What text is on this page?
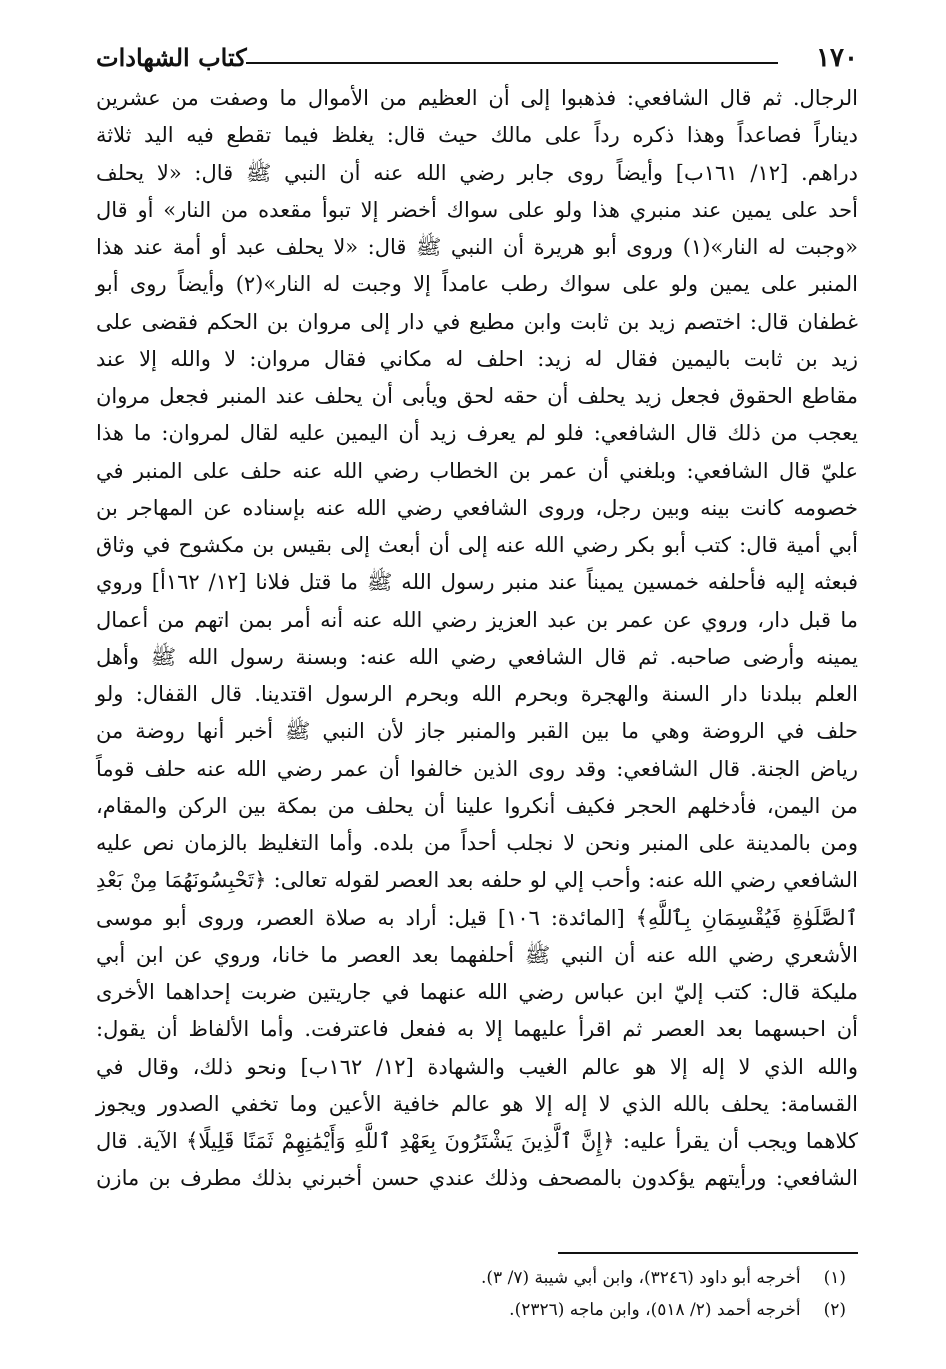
١٧٠
كتاب الشهادات
الرجال. ثم قال الشافعي: فذهبوا إلى أن العظيم من الأموال ما وصفت من عشرين
ديناراً فصاعداً وهذا ذكره رداً على مالك حيث قال: يغلظ فيما تقطع فيه اليد ثلاثة
دراهم. [١٢/ ١٦١ب] وأيضاً روى جابر رضي الله عنه أن النبي ﷺ قال: «لا يحلف
أحد على يمين عند منبري هذا ولو على سواك أخضر إلا تبوأ مقعده من النار» أو قال
«وجبت له النار»(١) وروى أبو هريرة أن النبي ﷺ قال: «لا يحلف عبد أو أمة عند هذا
المنبر على يمين ولو على سواك رطب عامداً إلا وجبت له النار»(٢) وأيضاً روى أبو
غطفان قال: اختصم زيد بن ثابت وابن مطيع في دار إلى مروان بن الحكم فقضى على
زيد بن ثابت باليمين فقال له زيد: احلف له مكاني فقال مروان: لا والله إلا عند
مقاطع الحقوق فجعل زيد يحلف أن حقه لحق ويأبى أن يحلف عند المنبر فجعل مروان
يعجب من ذلك قال الشافعي: فلو لم يعرف زيد أن اليمين عليه لقال لمروان: ما هذا
عليّ قال الشافعي: وبلغني أن عمر بن الخطاب رضي الله عنه حلف على المنبر في
خصومه كانت بينه وبين رجل، وروى الشافعي رضي الله عنه بإسناده عن المهاجر بن
أبي أمية قال: كتب أبو بكر رضي الله عنه إلى أن أبعث إلى بقيس بن مكشوح في وثاق
فبعثه إليه فأحلفه خمسين يميناً عند منبر رسول الله ﷺ ما قتل فلانا [١٢/ ١٦٢أ] وروي
ما قبل دار، وروي عن عمر بن عبد العزيز رضي الله عنه أنه أمر بمن اتهم من أعمال
يمينه وأرضى صاحبه. ثم قال الشافعي رضي الله عنه: وبسنة رسول الله ﷺ وأهل
العلم ببلدنا دار السنة والهجرة وبحرم الله وبحرم الرسول اقتدينا. قال القفال: ولو
حلف في الروضة وهي ما بين القبر والمنبر جاز لأن النبي ﷺ أخبر أنها روضة من
رياض الجنة. قال الشافعي: وقد روى الذين خالفوا أن عمر رضي الله عنه حلف قوماً
من اليمن، فأدخلهم الحجر فكيف أنكروا علينا أن يحلف من بمكة بين الركن والمقام،
ومن بالمدينة على المنبر ونحن لا نجلب أحداً من بلده. وأما التغليظ بالزمان نص عليه
الشافعي رضي الله عنه: وأحب إلي لو حلفه بعد العصر لقوله تعالى: ﴿تَحْبِسُونَهُمَا مِنْ بَعْدِ
ٱلصَّلَوٰةِ فَيُقْسِمَانِ بِٱللَّهِ﴾ [المائدة: ١٠٦] قيل: أراد به صلاة العصر، وروى أبو موسى
الأشعري رضي الله عنه أن النبي ﷺ أحلفهما بعد العصر ما خانا، وروي عن ابن أبي
مليكة قال: كتب إليّ ابن عباس رضي الله عنهما في جاريتين ضربت إحداهما الأخرى
أن احبسهما بعد العصر ثم اقرأ عليهما إلا به ففعل فاعترفت. وأما الألفاظ أن يقول:
والله الذي لا إله إلا هو عالم الغيب والشهادة [١٢/ ١٦٢ب] ونحو ذلك، وقال في
القسامة: يحلف بالله الذي لا إله إلا هو عالم خافية الأعين وما تخفي الصدور ويجوز
كلاهما ويجب أن يقرأ عليه: ﴿إِنَّ ٱلَّذِينَ يَشْتَرُونَ بِعَهْدِ ٱللَّهِ وَأَيْمَٰنِهِمْ ثَمَنًا قَلِيلًا﴾ الآية. قال
الشافعي: ورأيتهم يؤكدون بالمصحف وذلك عندي حسن أخبرني بذلك مطرف بن مازن
(١) أخرجه أبو داود (٣٢٤٦)، وابن أبي شيبة (٧/ ٣).
(٢) أخرجه أحمد (٢/ ٥١٨)، وابن ماجه (٢٣٢٦).
